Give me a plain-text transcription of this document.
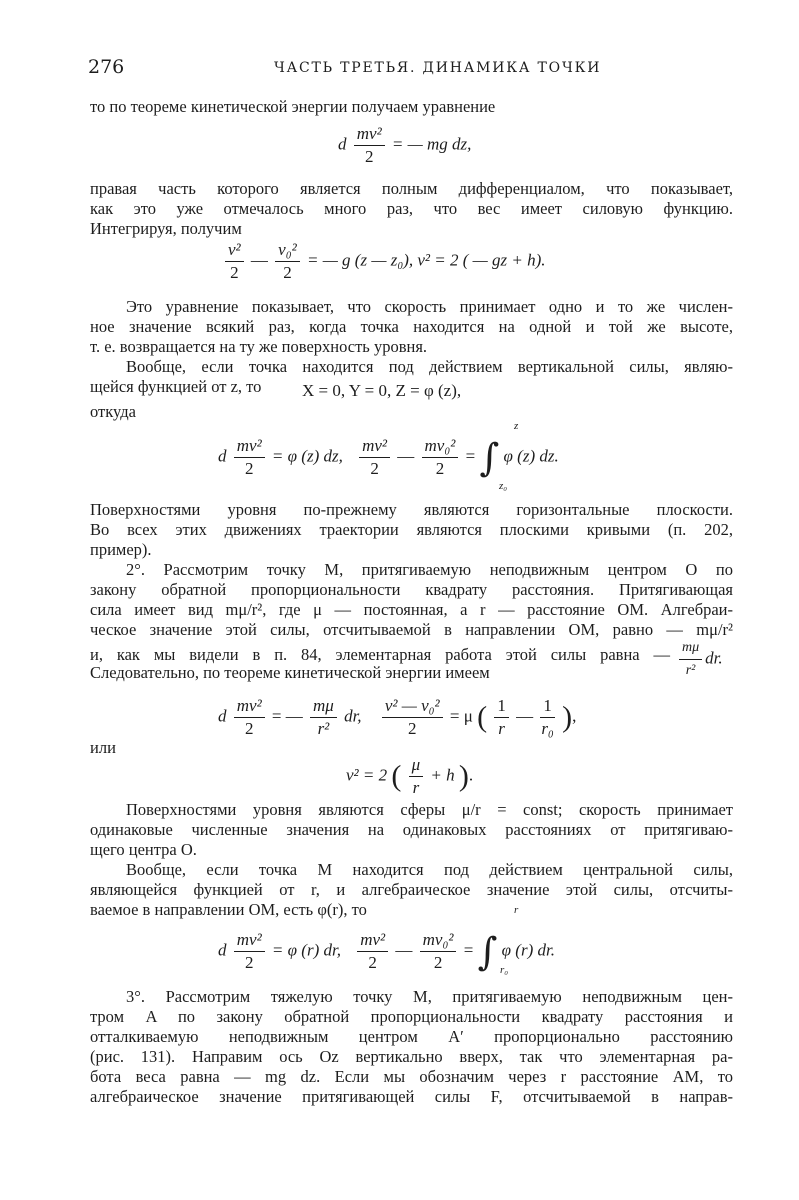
276	ЧАСТЬ ТРЕТЬЯ. ДИНАМИКА ТОЧКИ
то по теореме кинетической энергии получаем уравнение
d $\frac{\text{mv²}}{2}$ = — mg dz,
правая часть которого является полным дифференциалом, что показывает,
как это уже отмечалось много раз, что вес имеет силовую функцию.
Интегрируя, получим
$\frac{\text{v²}}{2}$ — $\frac{\text{v₀²}}{2}$ = — g (z — z₀), v² = 2 ( — gz + h).
Это уравнение показывает, что скорость принимает одно и то же числен-
ное значение всякий раз, когда точка находится на одной и той же высоте,
т. е. возвращается на ту же поверхность уровня.
Вообще, если точка находится под действием вертикальной силы, являю-
щейся функцией от z, то	X = 0, Y = 0, Z = φ (z),
откуда
d $\frac{\text{mv²}}{2} = \varphi$ (z) dz, $\frac{\text{mv²}}{2}$ — $\frac{\text{mv₀²}}{2}$ = ∫ φ (z) dz.
z
z₀
Поверхностями уровня по-прежнему являются горизонтальные плоскости.
Во всех этих движениях траектории являются плоскими кривыми (п. 202,
пример).
2°. Рассмотрим точку M, притягиваемую неподвижным центром O по
закону обратной пропорциональности квадрату расстояния. Притягивающая
сила имеет вид mμ/r², где μ — постоянная, а r — расстояние OM. Алгебраи-
ческое значение этой силы, отсчитываемой в направлении OM, равно — mμ/r²
и, как мы видели в п. 84, элементарная работа этой силы равна — $\frac{m\mu}{\text{r²}}$ dr.
Следовательно, по теореме кинетической энергии имеем
d $\frac{\text{mv²}}{2}$ = — $\frac{m\mu}{\text{r²}}$ dr, $\frac{\text{v² — v₀²}}{2} = \mu$ ( $\frac{1}{r}$ — $\frac{1}{\text{r₀}}$ ),
или
v² = 2 ( $\frac{\mu}{r} + h$ ).
Поверхностями уровня являются сферы μ/r = const; скорость принимает
одинаковые численные значения на одинаковых расстояниях от притягиваю-
щего центра O.
Вообще, если точка M находится под действием центральной силы,
являющейся функцией от r, и алгебраическое значение этой силы, отсчиты-
ваемое в направлении OM, есть φ(r), то
d $\frac{\text{mv²}}{2} = \varphi$ (r) dr, $\frac{\text{mv²}}{2}$ — $\frac{\text{mv₀²}}{2}$ = ∫ φ (r) dr.
r
r₀
3°. Рассмотрим тяжелую точку M, притягиваемую неподвижным цен-
тром A по закону обратной пропорциональности квадрату расстояния и
отталкиваемую неподвижным центром A′ пропорционально расстоянию
(рис. 131). Направим ось Oz вертикально вверх, так что элементарная ра-
бота веса равна — mg dz. Если мы обозначим через r расстояние AM, то
алгебраическое значение притягивающей силы F, отсчитываемой в направ-
